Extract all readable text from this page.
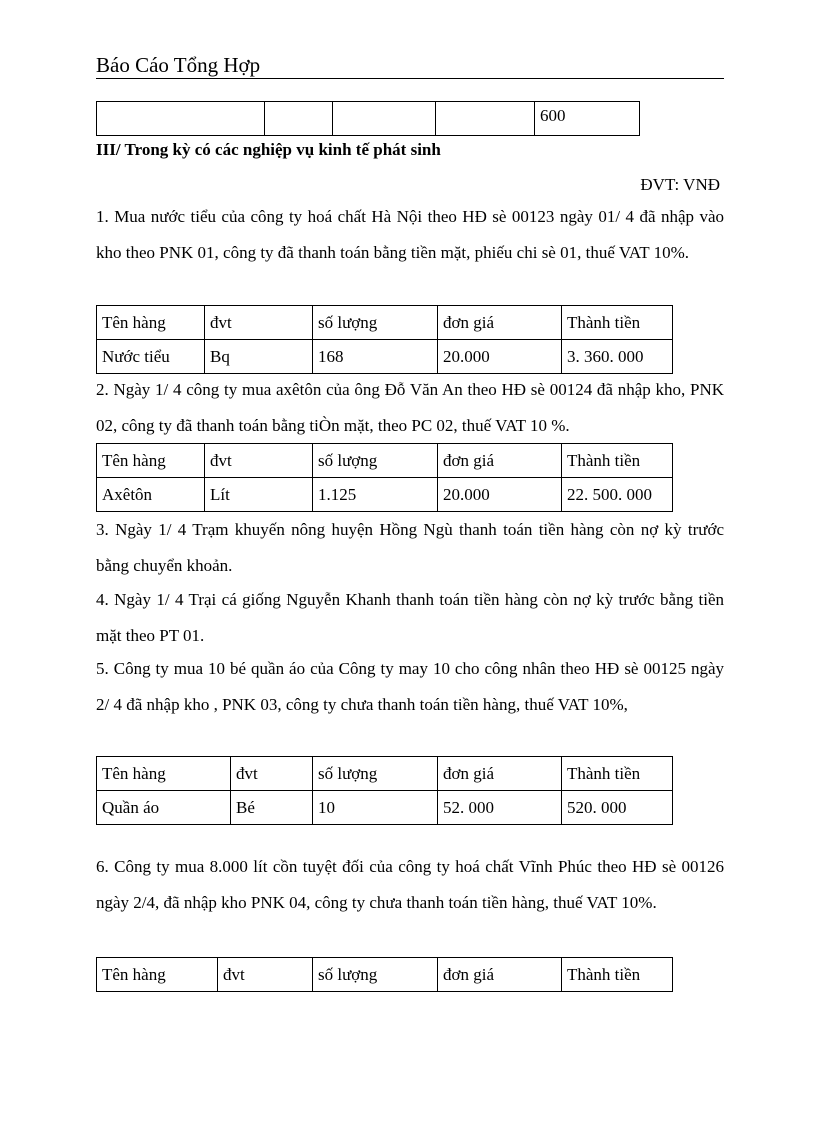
Báo Cáo Tổng Hợp
				600
III/ Trong kỳ có các nghiệp vụ kinh tế phát sinh
ĐVT: VNĐ

1. Mua nước tiểu của công ty hoá chất Hà Nội theo HĐ sè 00123 ngày 01/ 4 đã nhập vào kho theo PNK 01, công ty đã thanh toán bằng tiền mặt, phiếu chi sè 01, thuế VAT 10%.

Tên hàng	đvt	số lượng	đơn giá	Thành tiền
Nước tiểu	Bq	168	20.000	3. 360. 000

2. Ngày 1/ 4 công ty mua axêtôn của ông Đỗ Văn An theo HĐ sè 00124 đã nhập kho, PNK 02, công ty đã thanh toán bằng tiÒn mặt, theo PC 02, thuế VAT 10 %.

Tên hàng	đvt	số lượng	đơn giá	Thành tiền
Axêtôn	Lít	1.125	20.000	22. 500. 000

3. Ngày 1/ 4 Trạm khuyến nông huyện Hồng Ngù thanh toán tiền hàng còn nợ kỳ trước bằng chuyển khoản.

4. Ngày 1/ 4 Trại cá giống Nguyễn Khanh thanh toán tiền hàng còn nợ kỳ trước bằng tiền mặt theo PT 01.

5. Công ty mua 10 bé quần áo của Công ty may 10 cho công nhân theo HĐ sè 00125 ngày 2/ 4 đã nhập kho , PNK 03, công ty chưa thanh toán tiền hàng, thuế VAT 10%,

Tên hàng	đvt	số lượng	đơn giá	Thành tiền
Quần áo	Bé	10	52. 000	520. 000

6. Công ty mua 8.000 lít cồn tuyệt đối của công ty hoá chất Vĩnh Phúc theo HĐ sè 00126 ngày 2/4, đã nhập kho PNK 04, công ty chưa thanh toán tiền hàng, thuế VAT 10%.

Tên hàng	đvt	số lượng	đơn giá	Thành tiền
